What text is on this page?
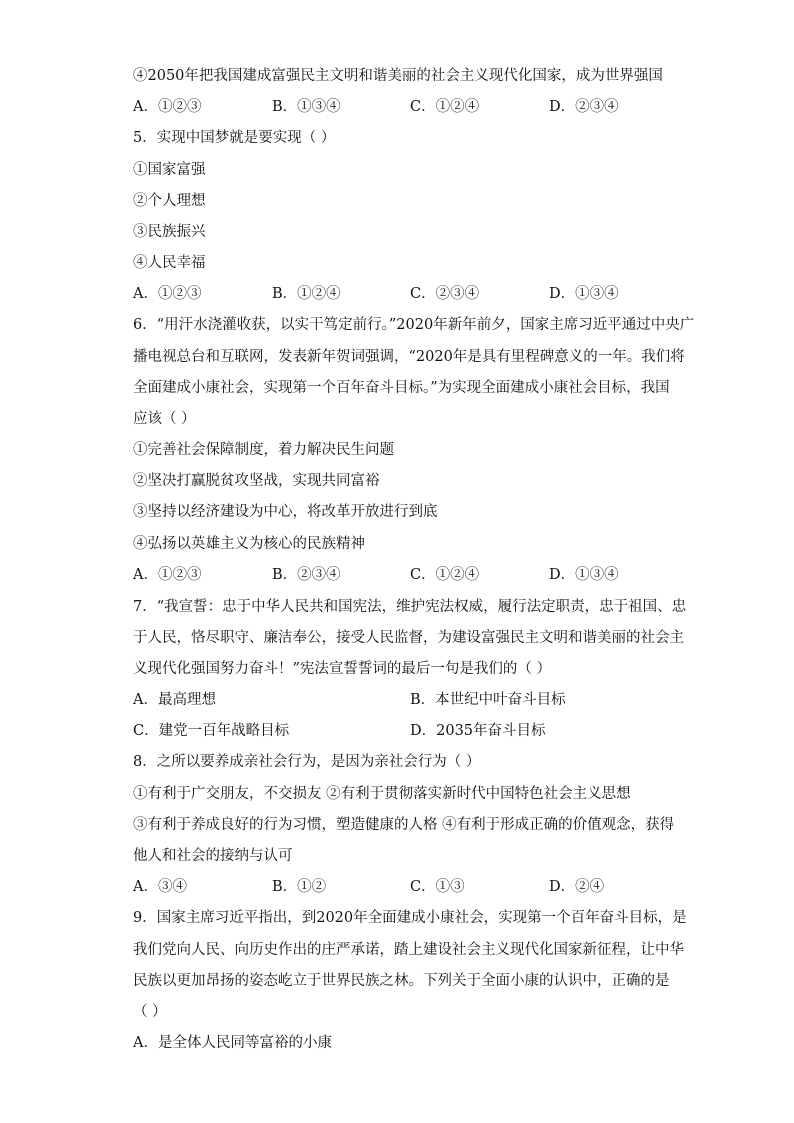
④2050年把我国建成富强民主文明和谐美丽的社会主义现代化国家，成为世界强国
A．①②③	B．①③④	C．①②④	D．②③④
5．实现中国梦就是要实现（ ）
①国家富强
②个人理想
③民族振兴
④人民幸福
A．①②③	B．①②④	C．②③④	D．①③④
6．“用汗水浇灌收获，以实干笃定前行。”2020年新年前夕，国家主席习近平通过中央广
播电视总台和互联网，发表新年贺词强调，“2020年是具有里程碑意义的一年。我们将
全面建成小康社会，实现第一个百年奋斗目标。”为实现全面建成小康社会目标，我国
应该（ ）
①完善社会保障制度，着力解决民生问题
②坚决打赢脱贫攻坚战，实现共同富裕
③坚持以经济建设为中心，将改革开放进行到底
④弘扬以英雄主义为核心的民族精神
A．①②③	B．②③④	C．①②④	D．①③④
7．“我宣誓：忠于中华人民共和国宪法，维护宪法权威，履行法定职责，忠于祖国、忠
于人民，恪尽职守、廉洁奉公，接受人民监督，为建设富强民主文明和谐美丽的社会主
义现代化强国努力奋斗！”宪法宣誓誓词的最后一句是我们的（ ）
A．最高理想	B．本世纪中叶奋斗目标
C．建党一百年战略目标	D．2035年奋斗目标
8．之所以要养成亲社会行为，是因为亲社会行为（ ）
①有利于广交朋友，不交损友 ②有利于贯彻落实新时代中国特色社会主义思想
③有利于养成良好的行为习惯，塑造健康的人格 ④有利于形成正确的价值观念，获得
他人和社会的接纳与认可
A．③④	B．①②	C．①③	D．②④
9．国家主席习近平指出，到2020年全面建成小康社会，实现第一个百年奋斗目标，是
我们党向人民、向历史作出的庄严承诺，踏上建设社会主义现代化国家新征程，让中华
民族以更加昂扬的姿态屹立于世界民族之林。下列关于全面小康的认识中，正确的是
（ ）
A．是全体人民同等富裕的小康
